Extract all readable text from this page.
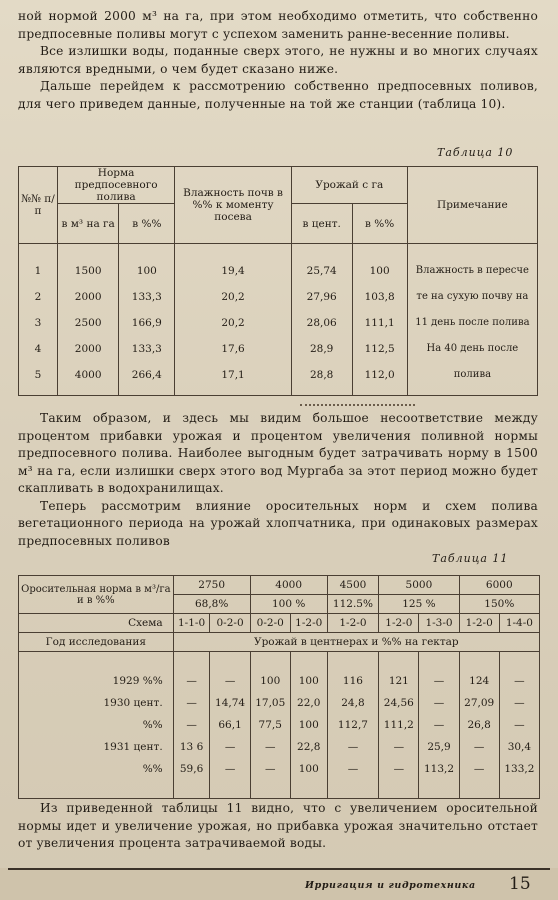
ной нормой 2000 м³ на га, при этом необходимо отметить, что собственно предпосевные поливы могут с успехом заменить ранне-весенние поливы.

Все излишки воды, поданные сверх этого, не нужны и во многих случаях являются вредными, о чем будет сказано ниже.

Дальше перейдем к рассмотрению собственно предпосевных поливов, для чего приведем данные, полученные на той же станции (таблица 10).

Таблица 10
№№ п/п	Норма предпосевного полива		Влажность почв в %% к моменту посева	Урожай с га		Примечание
	в м³ на га	в %%		в цент.	в %%	

1	1500	100	19,4	25,74	100	Влажность в пересче
2	2000	133,3	20,2	27,96	103,8	те на сухую почву на
3	2500	166,9	20,2	28,06	111,1	11 день после полива
4	2000	133,3	17,6	28,9	112,5	На 40 день после
5	4000	266,4	17,1	28,8	112,0	полива

Таким образом, и здесь мы видим большое несоответствие между процентом прибавки урожая и процентом увеличения поливной нормы предпосевного полива. Наиболее выгодным будет затрачивать норму в 1500 м³ на га, если излишки сверх этого вод Мургаба за этот период можно будет скапливать в водохранилищах.

Теперь рассмотрим влияние оросительных норм и схем полива вегетационного периода на урожай хлопчатника, при одинаковых размерах предпосевных поливов

Таблица 11
Оросительная норма в м³/га и в %%	2750		4000		4500	5000		6000	
	68,8%		100 %		112.5%	125 %		150%	
Схема	1-1-0	0-2-0	0-2-0	1-2-0	1-2-0	1-2-0	1-3-0	1-2-0	1-4-0
Год исследования	Урожай в центнерах и %% на гектар								

1929 %%	—	—	100	100	116	121	—	124	—
1930 цент.	—	14,74	17,05	22,0	24,8	24,56	—	27,09	—
%%	—	66,1	77,5	100	112,7	111,2	—	26,8	—
1931 цент.	13 6	—	—	22,8	—	—	25,9	—	30,4
%%	59,6	—	—	100	—	—	113,2	—	133,2

Из приведенной таблицы 11 видно, что с увеличением оросительной нормы идет и увеличение урожая, но прибавка урожая значительно отстает от увеличения процента затрачиваемой воды.

Ирригация и гидротехника 15
